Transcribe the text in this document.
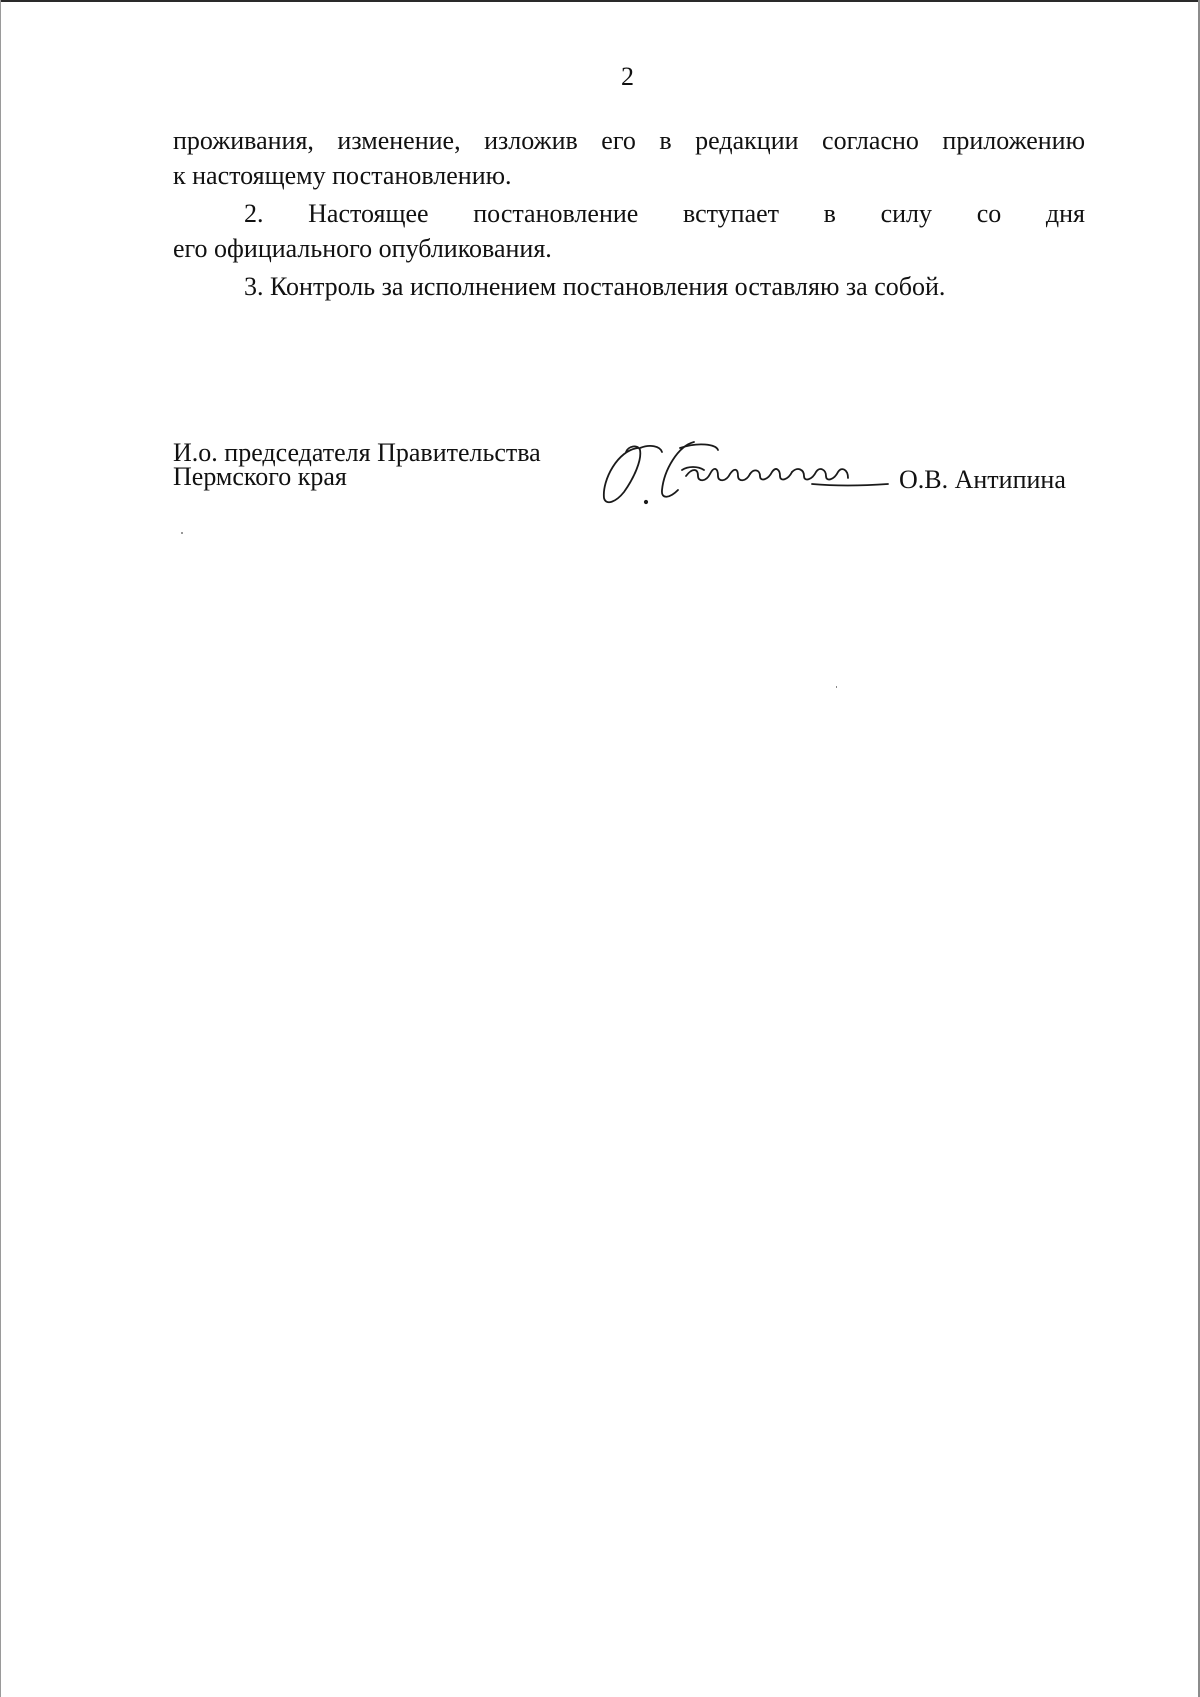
2

проживания, изменение, изложив его в редакции согласно приложению
к настоящему постановлению.

2. Настоящее постановление вступает в силу со дня
его официального опубликования.

3. Контроль за исполнением постановления оставляю за собой.

И.о. председателя Правительства
Пермского края	О.В. Антипина
